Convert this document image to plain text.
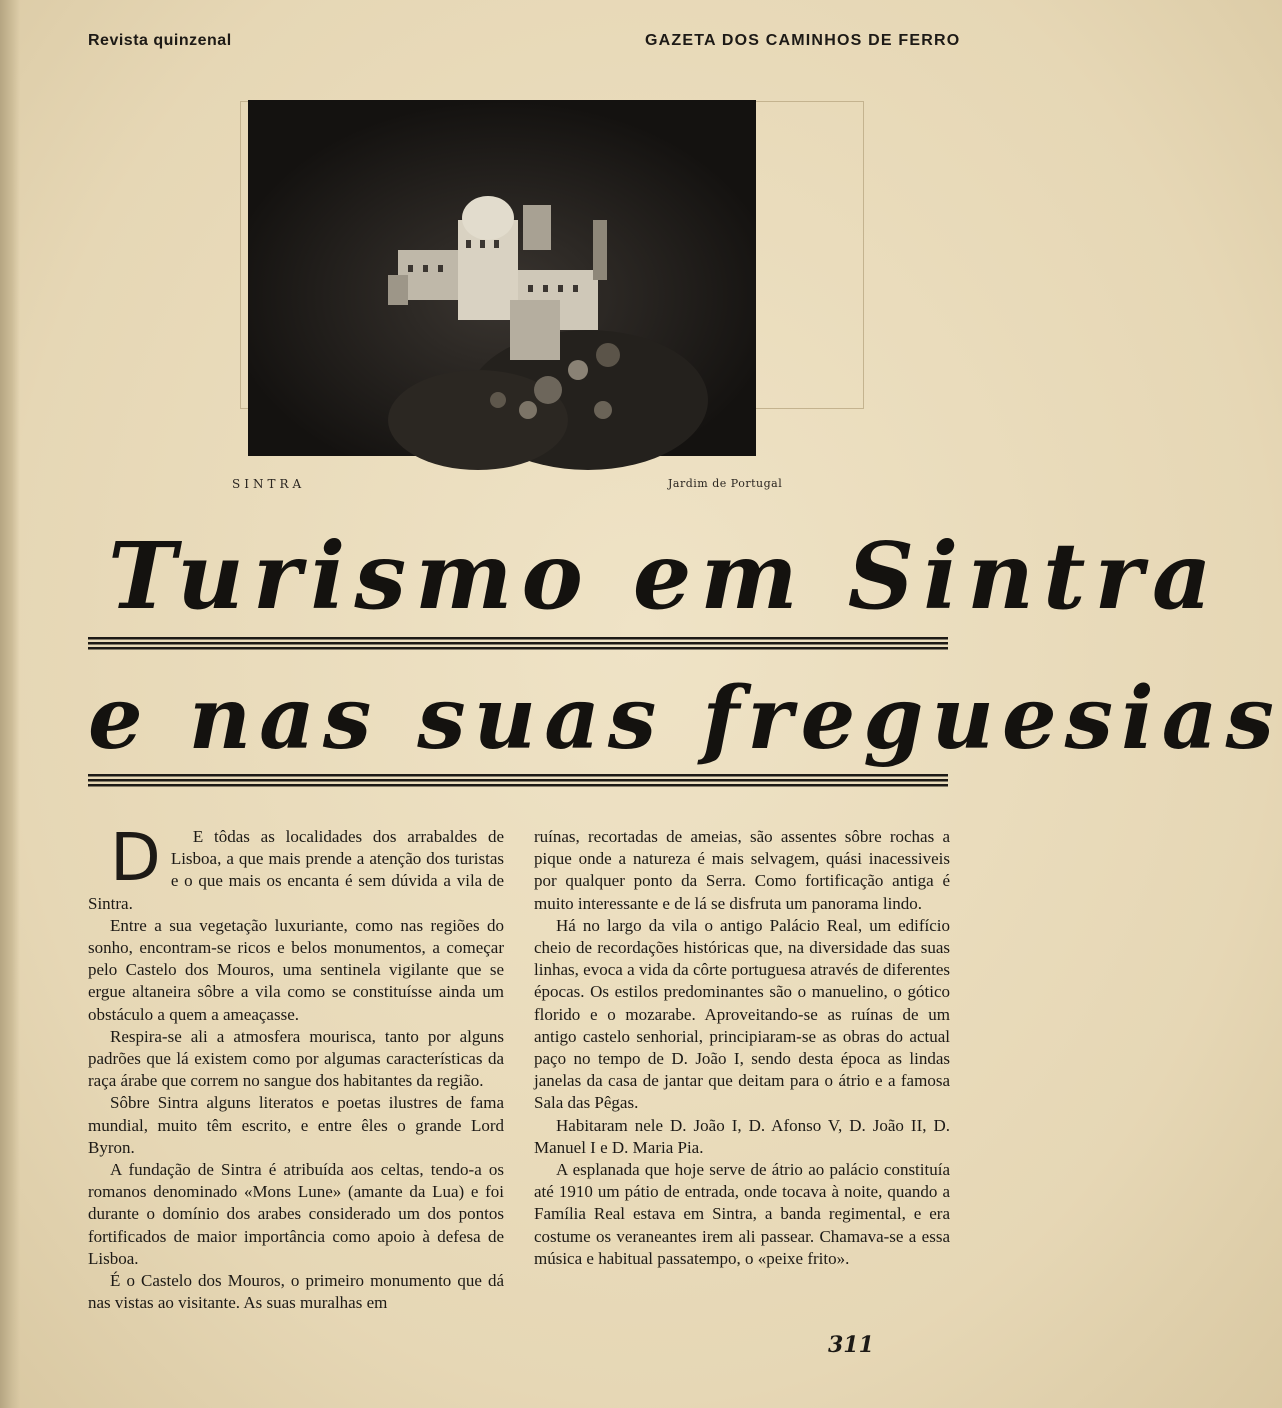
Revista quinzenal	GAZETA DOS CAMINHOS DE FERRO
SINTRA	Jardim de Portugal
Turismo em Sintra
e nas suas freguesias

D E tôdas as localidades dos arrabaldes de Lisboa, a que mais prende a atenção dos turistas e o que mais os encanta é sem dúvida a vila de Sintra.

Entre a sua vegetação luxuriante, como nas regiões do sonho, encontram-se ricos e belos monumentos, a começar pelo Castelo dos Mouros, uma sentinela vigilante que se ergue altaneira sôbre a vila como se constituísse ainda um obstáculo a quem a ameaçasse.

Respira-se ali a atmosfera mourisca, tanto por alguns padrões que lá existem como por algumas características da raça árabe que correm no sangue dos habitantes da região.

Sôbre Sintra alguns literatos e poetas ilustres de fama mundial, muito têm escrito, e entre êles o grande Lord Byron.

A fundação de Sintra é atribuída aos celtas, tendo-a os romanos denominado «Mons Lune» (amante da Lua) e foi durante o domínio dos arabes considerado um dos pontos fortificados de maior importância como apoio à defesa de Lisboa.

É o Castelo dos Mouros, o primeiro monumento que dá nas vistas ao visitante. As suas muralhas em

ruínas, recortadas de ameias, são assentes sôbre rochas a pique onde a natureza é mais selvagem, quási inacessiveis por qualquer ponto da Serra. Como fortificação antiga é muito interessante e de lá se disfruta um panorama lindo.

Há no largo da vila o antigo Palácio Real, um edifício cheio de recordações históricas que, na diversidade das suas linhas, evoca a vida da côrte portuguesa através de diferentes épocas. Os estilos predominantes são o manuelino, o gótico florido e o mozarabe. Aproveitando-se as ruínas de um antigo castelo senhorial, principiaram-se as obras do actual paço no tempo de D. João I, sendo desta época as lindas janelas da casa de jantar que deitam para o átrio e a famosa Sala das Pêgas.

Habitaram nele D. João I, D. Afonso V, D. João II, D. Manuel I e D. Maria Pia.

A esplanada que hoje serve de átrio ao palácio constituía até 1910 um pátio de entrada, onde tocava à noite, quando a Família Real estava em Sintra, a banda regimental, e era costume os veraneantes irem ali passear. Chamava-se a essa música e habitual passatempo, o «peixe frito».

311
